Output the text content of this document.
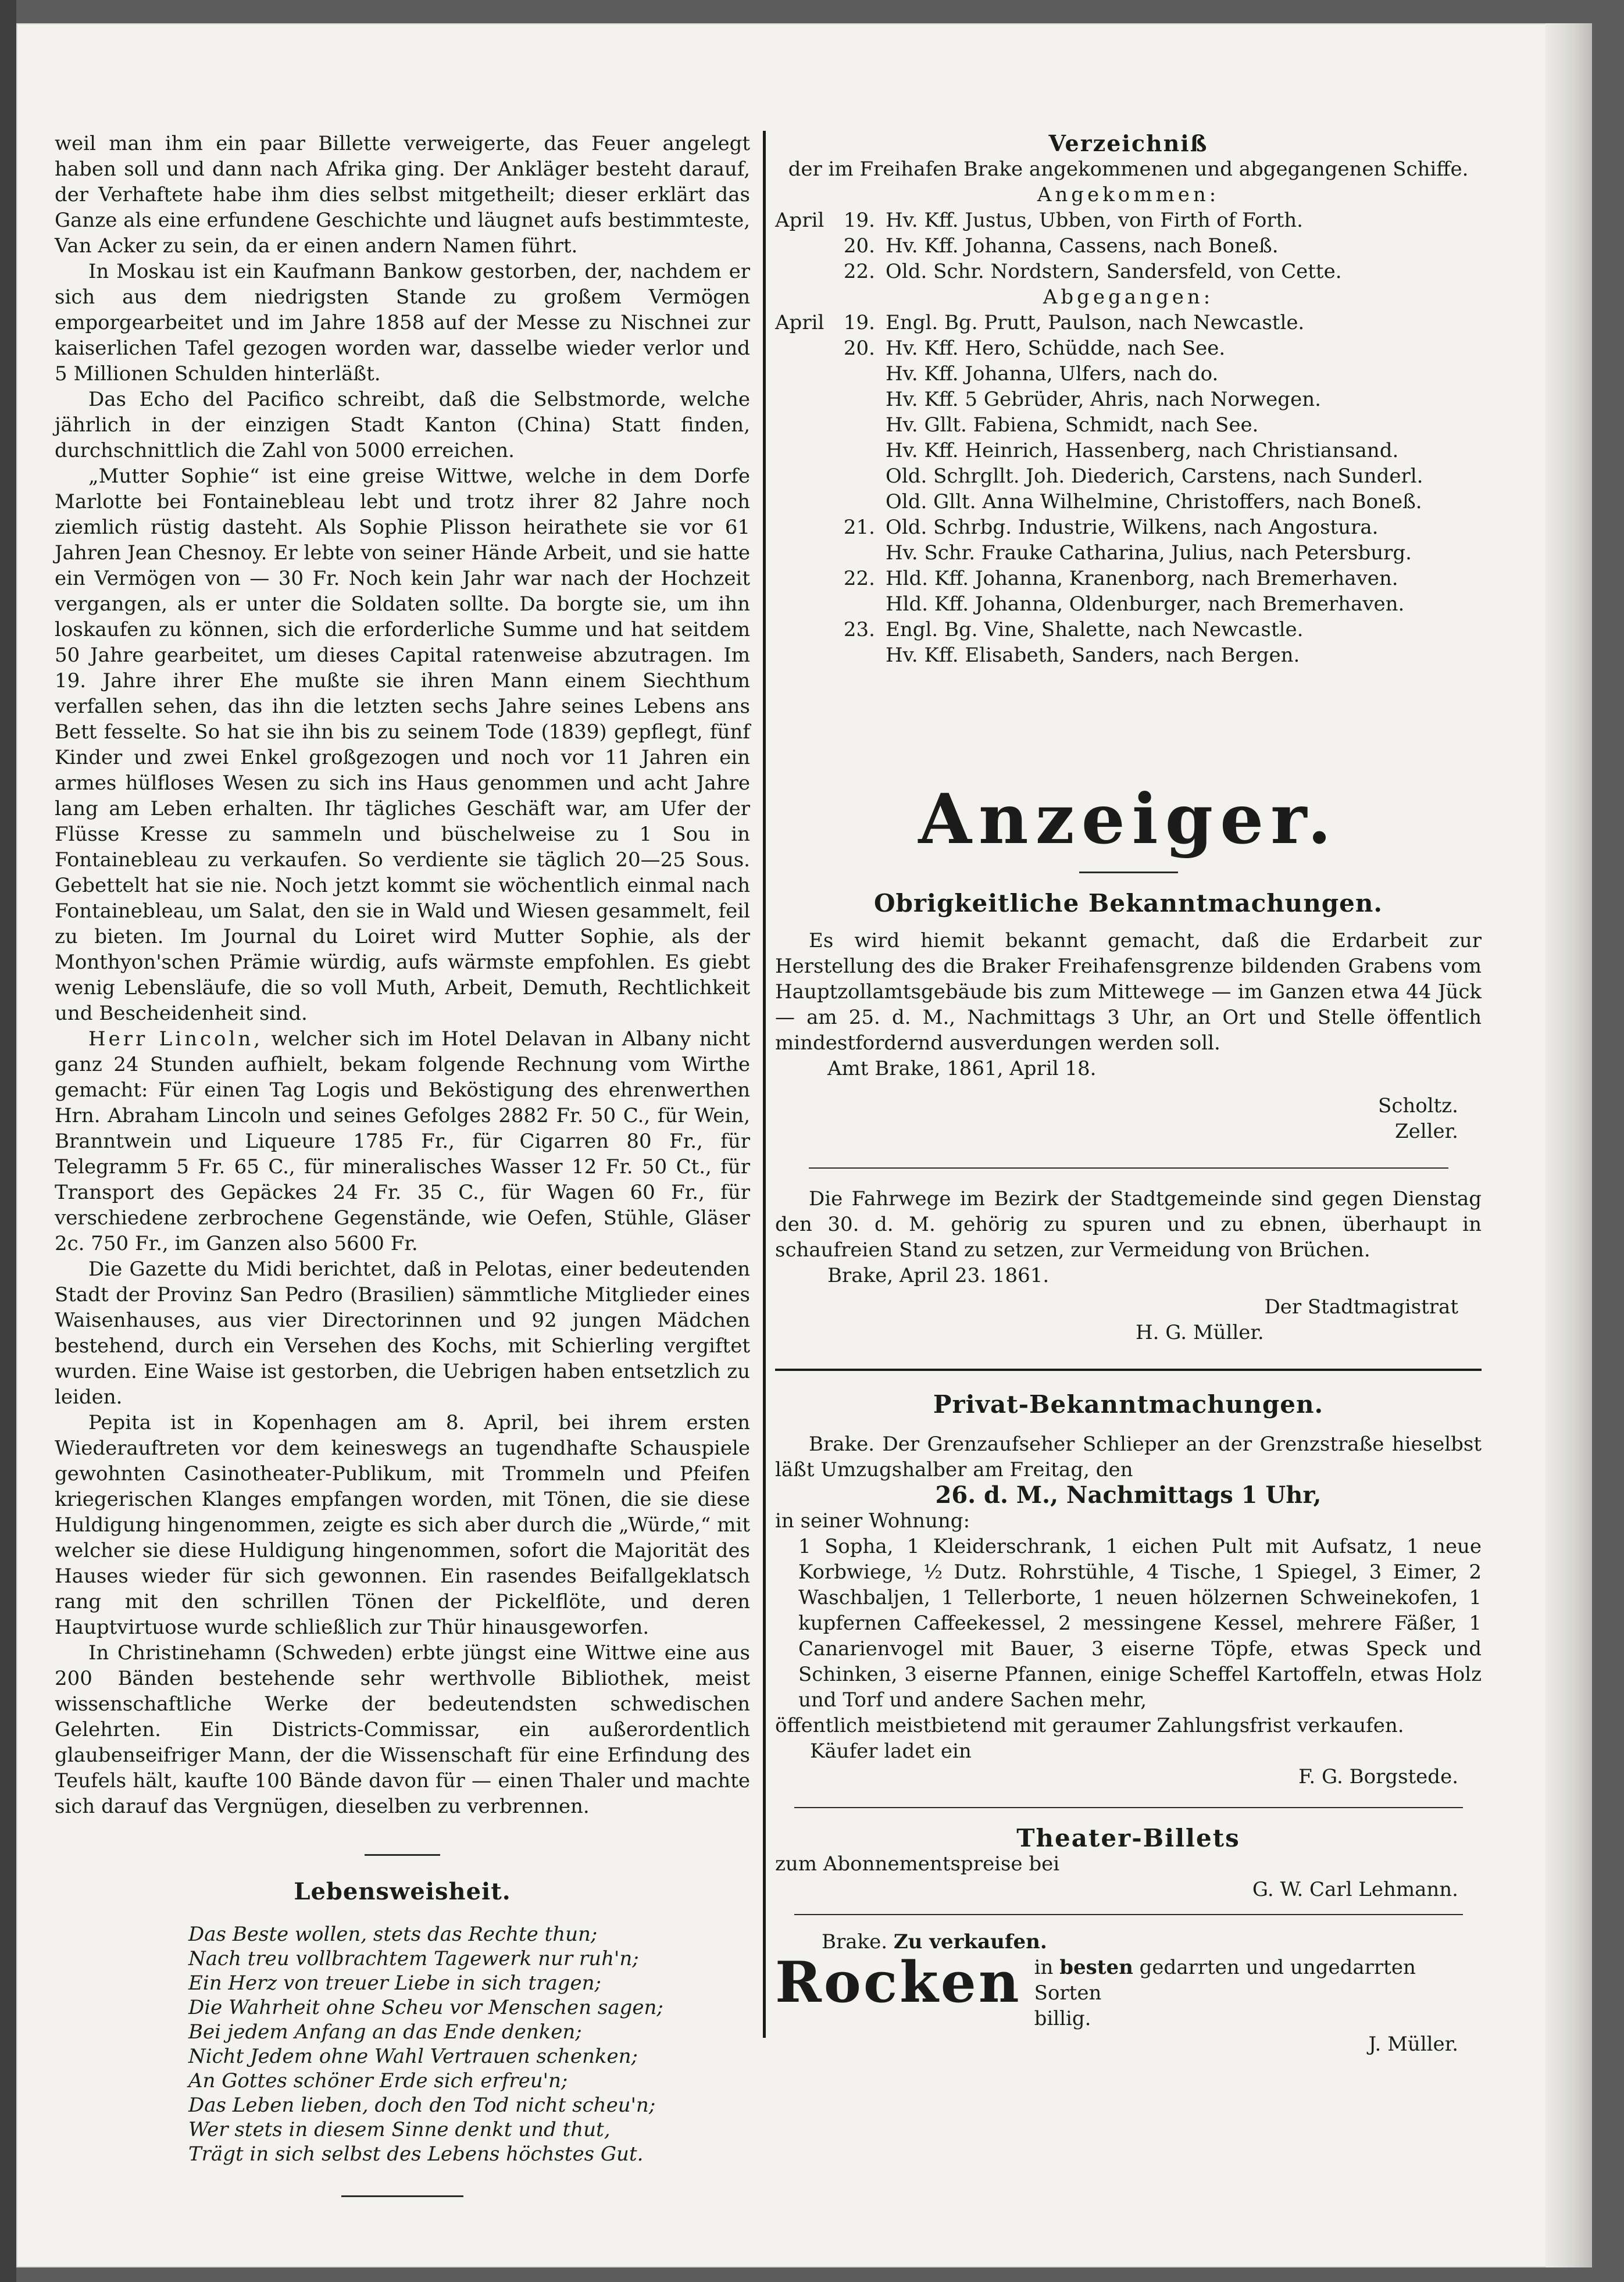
weil man ihm ein paar Billette verweigerte, das Feuer angelegt haben soll und dann nach Afrika ging. Der Ankläger besteht darauf, der Verhaftete habe ihm dies selbst mitgetheilt; dieser erklärt das Ganze als eine erfundene Geschichte und läugnet aufs bestimmteste, Van Acker zu sein, da er einen andern Namen führt.

In Moskau ist ein Kaufmann Bankow gestorben, der, nachdem er sich aus dem niedrigsten Stande zu großem Vermögen emporgearbeitet und im Jahre 1858 auf der Messe zu Nischnei zur kaiserlichen Tafel gezogen worden war, dasselbe wieder verlor und 5 Millionen Schulden hinterläßt.

Das Echo del Pacifico schreibt, daß die Selbstmorde, welche jährlich in der einzigen Stadt Kanton (China) Statt finden, durchschnittlich die Zahl von 5000 erreichen.

„Mutter Sophie“ ist eine greise Wittwe, welche in dem Dorfe Marlotte bei Fontainebleau lebt und trotz ihrer 82 Jahre noch ziemlich rüstig dasteht. Als Sophie Plisson heirathete sie vor 61 Jahren Jean Chesnoy. Er lebte von seiner Hände Arbeit, und sie hatte ein Vermögen von — 30 Fr. Noch kein Jahr war nach der Hochzeit vergangen, als er unter die Soldaten sollte. Da borgte sie, um ihn loskaufen zu können, sich die erforderliche Summe und hat seitdem 50 Jahre gearbeitet, um dieses Capital ratenweise abzutragen. Im 19. Jahre ihrer Ehe mußte sie ihren Mann einem Siechthum verfallen sehen, das ihn die letzten sechs Jahre seines Lebens ans Bett fesselte. So hat sie ihn bis zu seinem Tode (1839) gepflegt, fünf Kinder und zwei Enkel großgezogen und noch vor 11 Jahren ein armes hülfloses Wesen zu sich ins Haus genommen und acht Jahre lang am Leben erhalten. Ihr tägliches Geschäft war, am Ufer der Flüsse Kresse zu sammeln und büschelweise zu 1 Sou in Fontainebleau zu verkaufen. So verdiente sie täglich 20—25 Sous. Gebettelt hat sie nie. Noch jetzt kommt sie wöchentlich einmal nach Fontainebleau, um Salat, den sie in Wald und Wiesen gesammelt, feil zu bieten. Im Journal du Loiret wird Mutter Sophie, als der Monthyon'schen Prämie würdig, aufs wärmste empfohlen. Es giebt wenig Lebensläufe, die so voll Muth, Arbeit, Demuth, Rechtlichkeit und Bescheidenheit sind.

Herr Lincoln, welcher sich im Hotel Delavan in Albany nicht ganz 24 Stunden aufhielt, bekam folgende Rechnung vom Wirthe gemacht: Für einen Tag Logis und Beköstigung des ehrenwerthen Hrn. Abraham Lincoln und seines Gefolges 2882 Fr. 50 C., für Wein, Branntwein und Liqueure 1785 Fr., für Cigarren 80 Fr., für Telegramm 5 Fr. 65 C., für mineralisches Wasser 12 Fr. 50 Ct., für Transport des Gepäckes 24 Fr. 35 C., für Wagen 60 Fr., für verschiedene zerbrochene Gegenstände, wie Oefen, Stühle, Gläser 2c. 750 Fr., im Ganzen also 5600 Fr.

Die Gazette du Midi berichtet, daß in Pelotas, einer bedeutenden Stadt der Provinz San Pedro (Brasilien) sämmtliche Mitglieder eines Waisenhauses, aus vier Directorinnen und 92 jungen Mädchen bestehend, durch ein Versehen des Kochs, mit Schierling vergiftet wurden. Eine Waise ist gestorben, die Uebrigen haben entsetzlich zu leiden.

Pepita ist in Kopenhagen am 8. April, bei ihrem ersten Wiederauftreten vor dem keineswegs an tugendhafte Schauspiele gewohnten Casinotheater-Publikum, mit Trommeln und Pfeifen kriegerischen Klanges empfangen worden, mit Tönen, die sie diese Huldigung hingenommen, zeigte es sich aber durch die „Würde,“ mit welcher sie diese Huldigung hingenommen, sofort die Majorität des Hauses wieder für sich gewonnen. Ein rasendes Beifallgeklatsch rang mit den schrillen Tönen der Pickelflöte, und deren Hauptvirtuose wurde schließlich zur Thür hinausgeworfen.

In Christinehamn (Schweden) erbte jüngst eine Wittwe eine aus 200 Bänden bestehende sehr werthvolle Bibliothek, meist wissenschaftliche Werke der bedeutendsten schwedischen Gelehrten. Ein Districts-Commissar, ein außerordentlich glaubenseifriger Mann, der die Wissenschaft für eine Erfindung des Teufels hält, kaufte 100 Bände davon für — einen Thaler und machte sich darauf das Vergnügen, dieselben zu verbrennen.

Lebensweisheit.
Das Beste wollen, stets das Rechte thun;
Nach treu vollbrachtem Tagewerk nur ruh'n;
Ein Herz von treuer Liebe in sich tragen;
Die Wahrheit ohne Scheu vor Menschen sagen;
Bei jedem Anfang an das Ende denken;
Nicht Jedem ohne Wahl Vertrauen schenken;
An Gottes schöner Erde sich erfreu'n;
Das Leben lieben, doch den Tod nicht scheu'n;
Wer stets in diesem Sinne denkt und thut,
Trägt in sich selbst des Lebens höchstes Gut.
Verzeichniß
der im Freihafen Brake angekommenen und abgegangenen Schiffe.
Angekommen:
April 19. Hv. Kff. Justus, Ubben, von Firth of Forth.
20. Hv. Kff. Johanna, Cassens, nach Boneß.
22. Old. Schr. Nordstern, Sandersfeld, von Cette.
Abgegangen:
April 19. Engl. Bg. Prutt, Paulson, nach Newcastle.
20. Hv. Kff. Hero, Schüdde, nach See.
Hv. Kff. Johanna, Ulfers, nach do.
Hv. Kff. 5 Gebrüder, Ahris, nach Norwegen.
Hv. Gllt. Fabiena, Schmidt, nach See.
Hv. Kff. Heinrich, Hassenberg, nach Christiansand.
Old. Schrgllt. Joh. Diederich, Carstens, nach Sunderl.
Old. Gllt. Anna Wilhelmine, Christoffers, nach Boneß.
21. Old. Schrbg. Industrie, Wilkens, nach Angostura.
Hv. Schr. Frauke Catharina, Julius, nach Petersburg.
22. Hld. Kff. Johanna, Kranenborg, nach Bremerhaven.
Hld. Kff. Johanna, Oldenburger, nach Bremerhaven.
23. Engl. Bg. Vine, Shalette, nach Newcastle.
Hv. Kff. Elisabeth, Sanders, nach Bergen.
Anzeiger.
Obrigkeitliche Bekanntmachungen.

Es wird hiemit bekannt gemacht, daß die Erdarbeit zur Herstellung des die Braker Freihafensgrenze bildenden Grabens vom Hauptzollamtsgebäude bis zum Mittewege — im Ganzen etwa 44 Jück — am 25. d. M., Nachmittags 3 Uhr, an Ort und Stelle öffentlich mindestfordernd ausverdungen werden soll.

Amt Brake, 1861, April 18.
Scholtz.
Zeller.

Die Fahrwege im Bezirk der Stadtgemeinde sind gegen Dienstag den 30. d. M. gehörig zu spuren und zu ebnen, überhaupt in schaufreien Stand zu setzen, zur Vermeidung von Brüchen.

Brake, April 23. 1861.
Der Stadtmagistrat
H. G. Müller.
Privat-Bekanntmachungen.

Brake. Der Grenzaufseher Schlieper an der Grenzstraße hieselbst läßt Umzugshalber am Freitag, den

26. d. M., Nachmittags 1 Uhr,
in seiner Wohnung:

1 Sopha, 1 Kleiderschrank, 1 eichen Pult mit Aufsatz, 1 neue Korbwiege, ½ Dutz. Rohrstühle, 4 Tische, 1 Spiegel, 3 Eimer, 2 Waschbaljen, 1 Tellerborte, 1 neuen hölzernen Schweinekofen, 1 kupfernen Caffeekessel, 2 messingene Kessel, mehrere Fäßer, 1 Canarienvogel mit Bauer, 3 eiserne Töpfe, etwas Speck und Schinken, 3 eiserne Pfannen, einige Scheffel Kartoffeln, etwas Holz und Torf und andere Sachen mehr,

öffentlich meistbietend mit geraumer Zahlungsfrist verkaufen.
Käufer ladet ein
F. G. Borgstede.
Theater-Billets
zum Abonnementspreise bei
G. W. Carl Lehmann.
Brake. Zu verkaufen.
Rocken in besten gedarrten und ungedarrten Sorten
billig.
J. Müller.
